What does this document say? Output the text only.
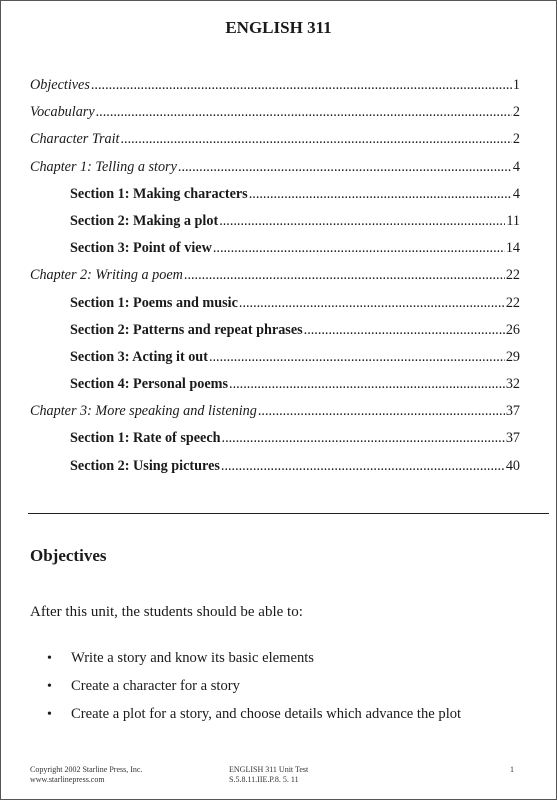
ENGLISH 311
Objectives .....	1
Vocabulary .....	2
Character Trait .....	2
Chapter 1: Telling a story .....	4
Section 1: Making characters .....	4
Section 2: Making a plot .....	11
Section 3: Point of view .....	14
Chapter 2: Writing a poem .....	22
Section 1: Poems and music .....	22
Section 2: Patterns and repeat phrases .....	26
Section 3: Acting it out .....	29
Section 4: Personal poems .....	32
Chapter 3: More speaking and listening .....	37
Section 1: Rate of speech .....	37
Section 2: Using pictures .....	40
Objectives
After this unit, the students should be able to:
•	Write a story and know its basic elements
•	Create a character for a story
•	Create a plot for a story, and choose details which advance the plot
Copyright 2002 Starline Press, Inc.
www.starlinepress.com
ENGLISH 311 Unit Test
S.5.8.11.IIE.P.8. 5. 11
1
